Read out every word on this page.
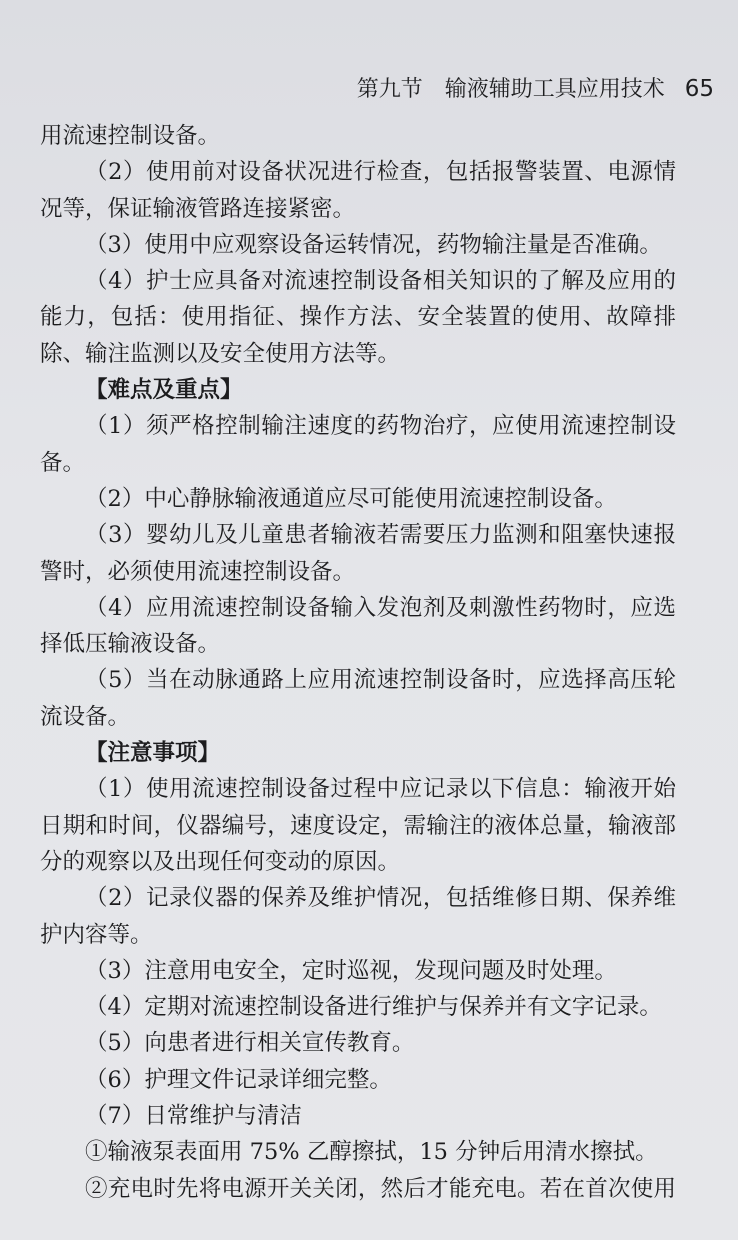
第九节 输液辅助工具应用技术 65

用流速控制设备。

（2）使用前对设备状况进行检查，包括报警装置、电源情况等，保证输液管路连接紧密。

（3）使用中应观察设备运转情况，药物输注量是否准确。

（4）护士应具备对流速控制设备相关知识的了解及应用的能力，包括：使用指征、操作方法、安全装置的使用、故障排除、输注监测以及安全使用方法等。

【难点及重点】

（1）须严格控制输注速度的药物治疗，应使用流速控制设备。

（2）中心静脉输液通道应尽可能使用流速控制设备。

（3）婴幼儿及儿童患者输液若需要压力监测和阻塞快速报警时，必须使用流速控制设备。

（4）应用流速控制设备输入发泡剂及刺激性药物时，应选择低压输液设备。

（5）当在动脉通路上应用流速控制设备时，应选择高压轮流设备。

【注意事项】

（1）使用流速控制设备过程中应记录以下信息：输液开始日期和时间，仪器编号，速度设定，需输注的液体总量，输液部分的观察以及出现任何变动的原因。

（2）记录仪器的保养及维护情况，包括维修日期、保养维护内容等。

（3）注意用电安全，定时巡视，发现问题及时处理。

（4）定期对流速控制设备进行维护与保养并有文字记录。

（5）向患者进行相关宣传教育。

（6）护理文件记录详细完整。

（7）日常维护与清洁

①输液泵表面用 75% 乙醇擦拭，15 分钟后用清水擦拭。

②充电时先将电源开关关闭，然后才能充电。若在首次使用
